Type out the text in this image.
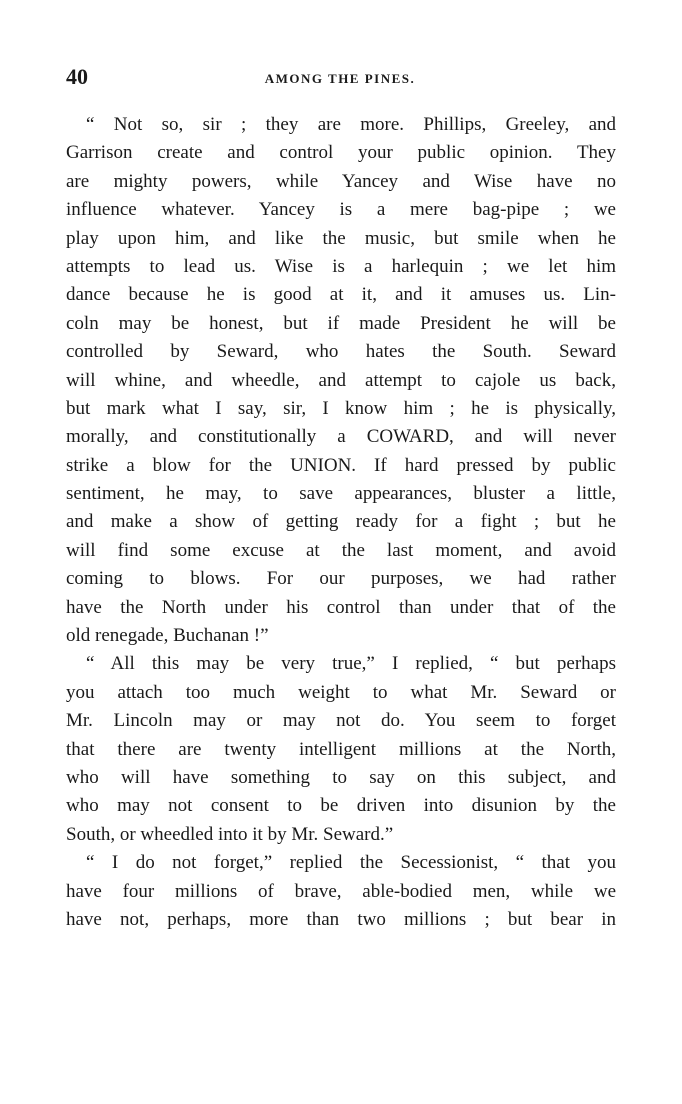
40	AMONG THE PINES.
“ Not so, sir ; they are more. Phillips, Greeley, and
Garrison create and control your public opinion. They
are mighty powers, while Yancey and Wise have no
influence whatever. Yancey is a mere bag-pipe ; we
play upon him, and like the music, but smile when he
attempts to lead us. Wise is a harlequin ; we let him
dance because he is good at it, and it amuses us. Lin-
coln may be honest, but if made President he will be
controlled by Seward, who hates the South. Seward
will whine, and wheedle, and attempt to cajole us back,
but mark what I say, sir, I know him ; he is physically,
morally, and constitutionally a COWARD, and will never
strike a blow for the UNION. If hard pressed by public
sentiment, he may, to save appearances, bluster a little,
and make a show of getting ready for a fight ; but he
will find some excuse at the last moment, and avoid
coming to blows. For our purposes, we had rather
have the North under his control than under that of the
old renegade, Buchanan !”
“ All this may be very true,” I replied, “ but perhaps
you attach too much weight to what Mr. Seward or
Mr. Lincoln may or may not do. You seem to forget
that there are twenty intelligent millions at the North,
who will have something to say on this subject, and
who may not consent to be driven into disunion by the
South, or wheedled into it by Mr. Seward.”
“ I do not forget,” replied the Secessionist, “ that you
have four millions of brave, able-bodied men, while we
have not, perhaps, more than two millions ; but bear in
